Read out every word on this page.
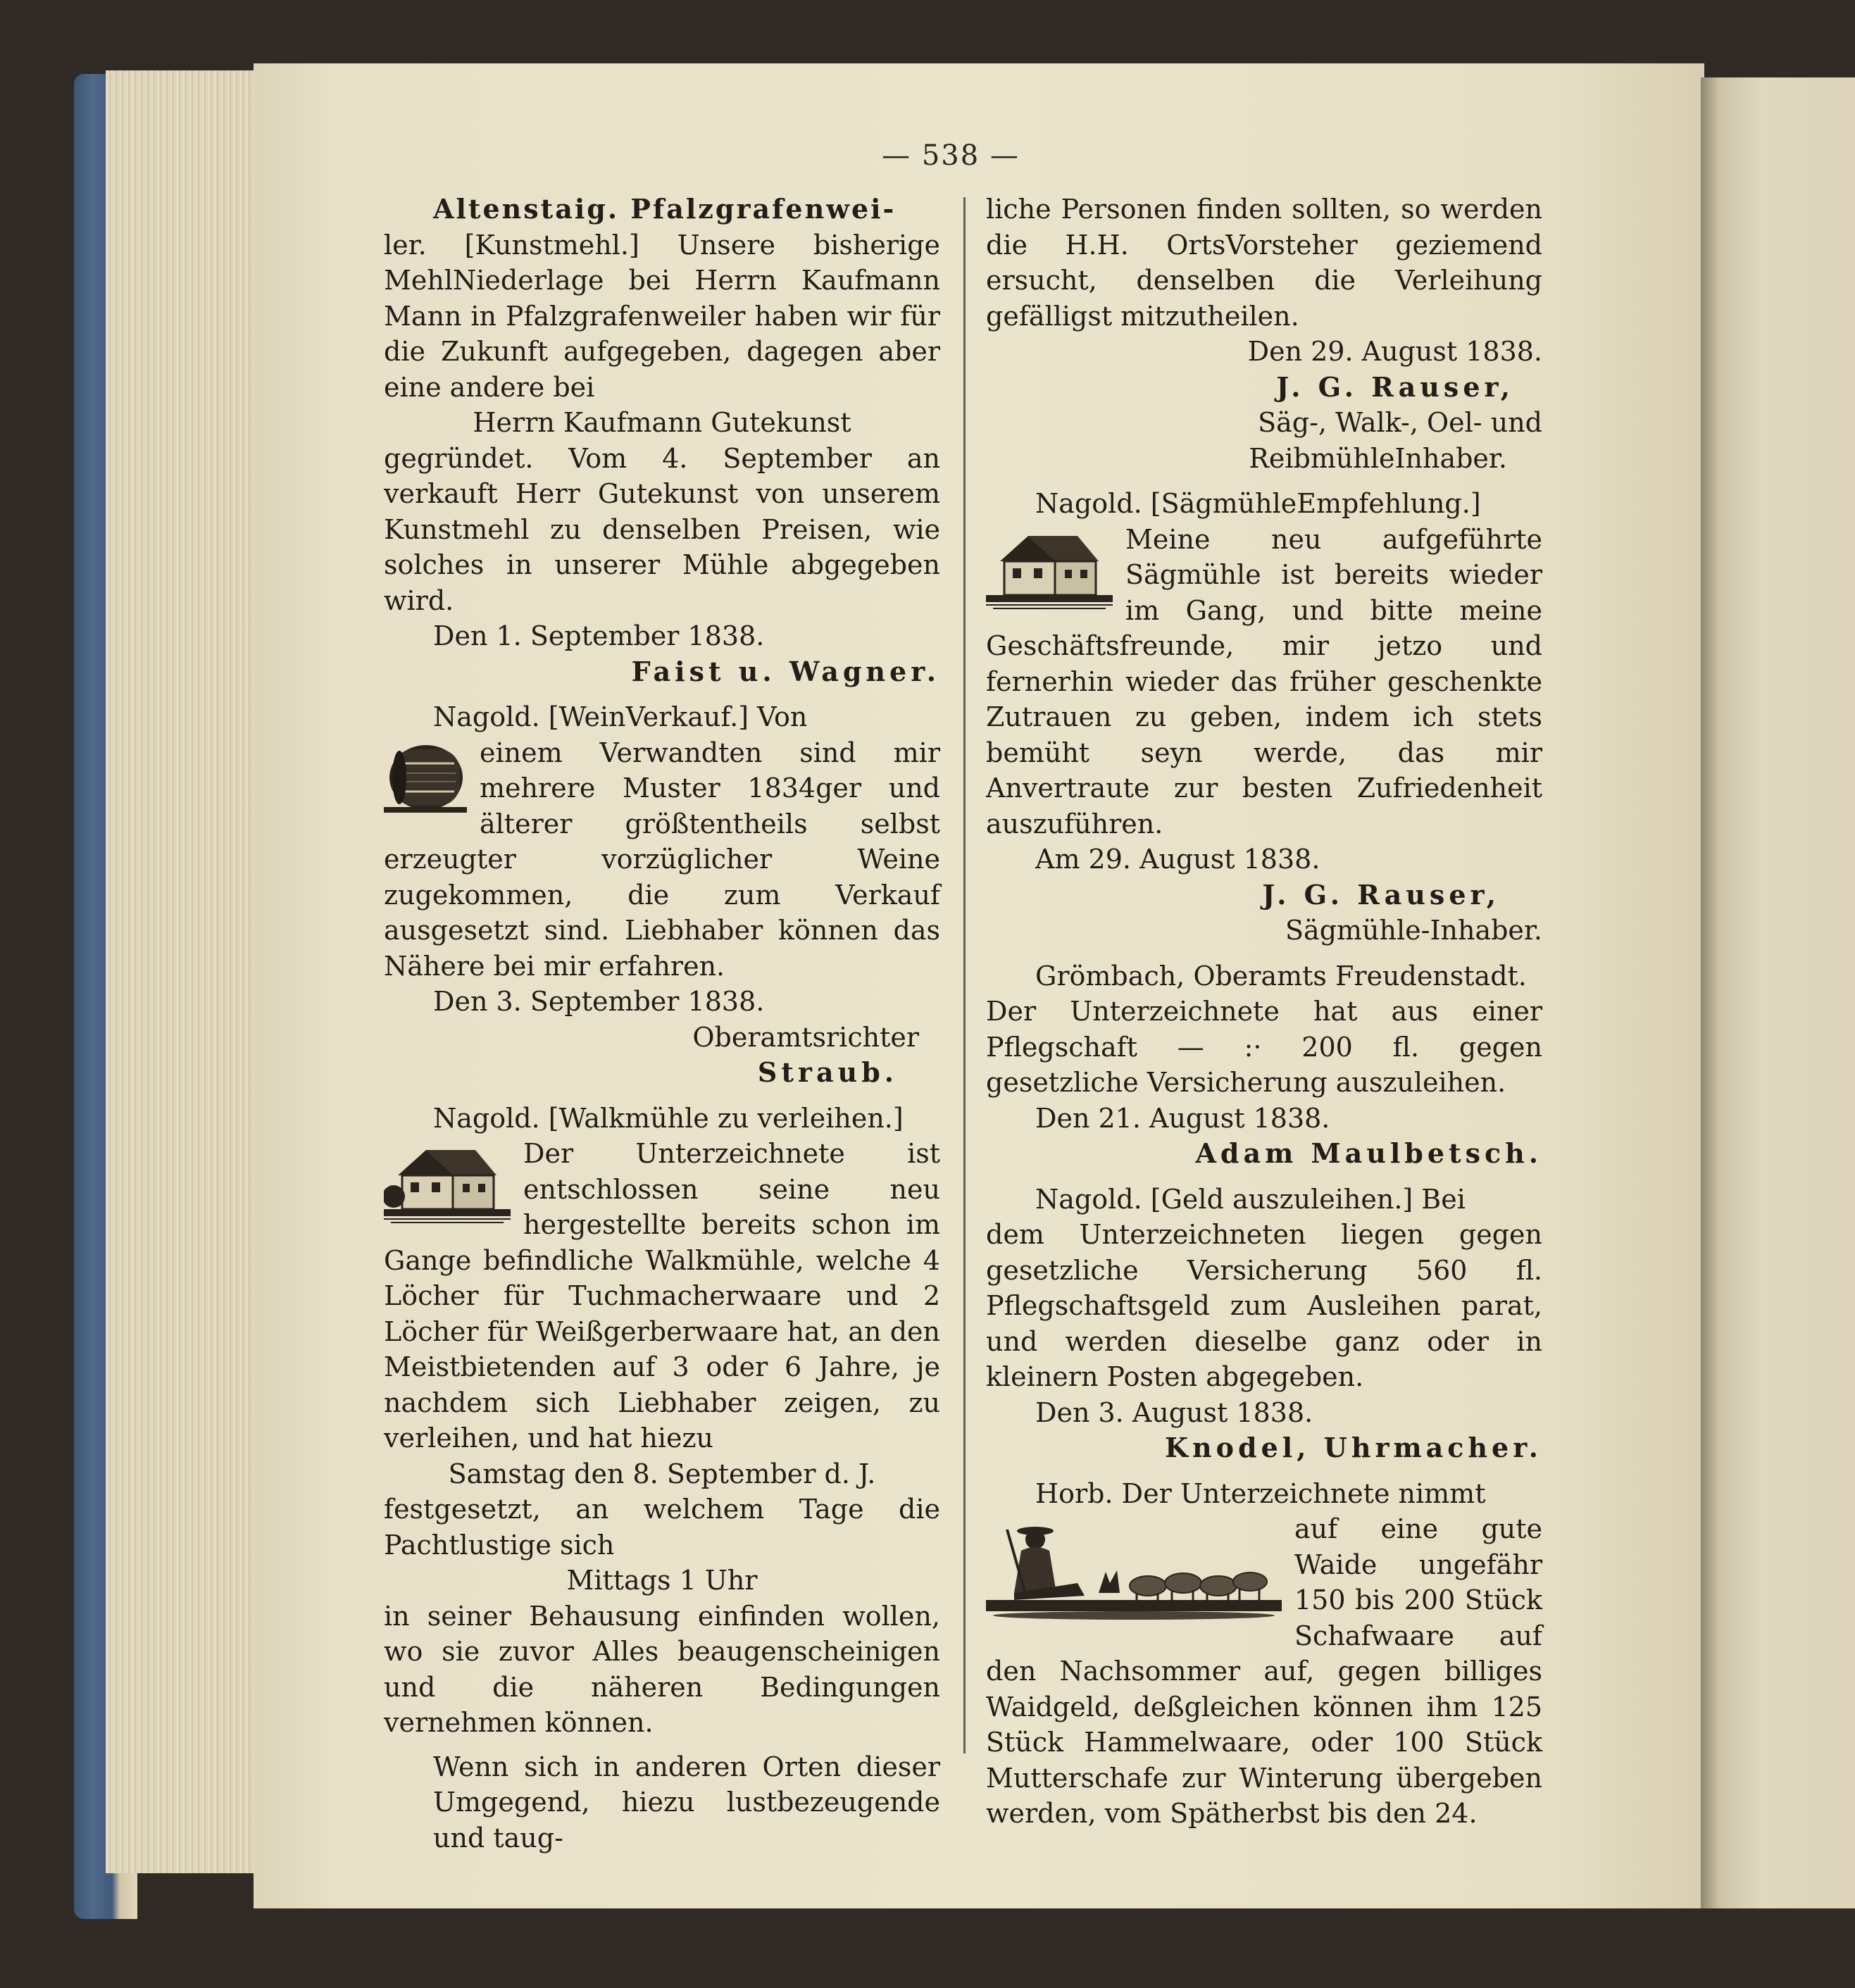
— 538 —

Altenstaig. Pfalzgrafenwei-

ler. [Kunstmehl.] Unsere bisherige MehlNiederlage bei Herrn Kaufmann Mann in Pfalzgrafenweiler haben wir für die Zukunft aufgegeben, dagegen aber eine andere bei

Herrn Kaufmann Gutekunst

gegründet. Vom 4. September an verkauft Herr Gutekunst von unserem Kunstmehl zu denselben Preisen, wie solches in unserer Mühle abgegeben wird.

Den 1. September 1838.

Faist u. Wagner.

Nagold. [WeinVerkauf.] Von

einem Verwandten sind mir mehrere Muster 1834ger und älterer größtentheils selbst erzeugter vorzüglicher Weine zugekommen, die zum Verkauf ausgesetzt sind. Liebhaber können das Nähere bei mir erfahren.

Den 3. September 1838.

Oberamtsrichter

Straub.

Nagold. [Walkmühle zu verleihen.]

Der Unterzeichnete ist entschlossen seine neu hergestellte bereits schon im Gange befindliche Walkmühle, welche 4 Löcher für Tuchmacherwaare und 2 Löcher für Weißgerberwaare hat, an den Meistbietenden auf 3 oder 6 Jahre, je nachdem sich Liebhaber zeigen, zu verleihen, und hat hiezu

Samstag den 8. September d. J.

festgesetzt, an welchem Tage die Pachtlustige sich

Mittags 1 Uhr

in seiner Behausung einfinden wollen, wo sie zuvor Alles beaugenscheinigen und die näheren Bedingungen vernehmen können.

Wenn sich in anderen Orten dieser Umgegend, hiezu lustbezeugende und taug-

liche Personen finden sollten, so werden die H.H. OrtsVorsteher geziemend ersucht, denselben die Verleihung gefälligst mitzutheilen.

Den 29. August 1838.

J. G. Rauser,

Säg-, Walk-, Oel- und

ReibmühleInhaber.

Nagold. [SägmühleEmpfehlung.]

Meine neu aufgeführte Sägmühle ist bereits wieder im Gang, und bitte meine Geschäftsfreunde, mir jetzo und fernerhin wieder das früher geschenkte Zutrauen zu geben, indem ich stets bemüht seyn werde, das mir Anvertraute zur besten Zufriedenheit auszuführen.

Am 29. August 1838.

J. G. Rauser,

Sägmühle-Inhaber.

Grömbach, Oberamts Freudenstadt.

Der Unterzeichnete hat aus einer Pflegschaft — :· 200 fl. gegen gesetzliche Versicherung auszuleihen.

Den 21. August 1838.

Adam Maulbetsch.

Nagold. [Geld auszuleihen.] Bei

dem Unterzeichneten liegen gegen gesetzliche Versicherung 560 fl. Pflegschaftsgeld zum Ausleihen parat, und werden dieselbe ganz oder in kleinern Posten abgegeben.

Den 3. August 1838.

Knodel, Uhrmacher.

Horb. Der Unterzeichnete nimmt

auf eine gute Waide ungefähr 150 bis 200 Stück Schafwaare auf den Nachsommer auf, gegen billiges Waidgeld, deßgleichen können ihm 125 Stück Hammelwaare, oder 100 Stück Mutterschafe zur Winterung übergeben werden, vom Spätherbst bis den 24.
